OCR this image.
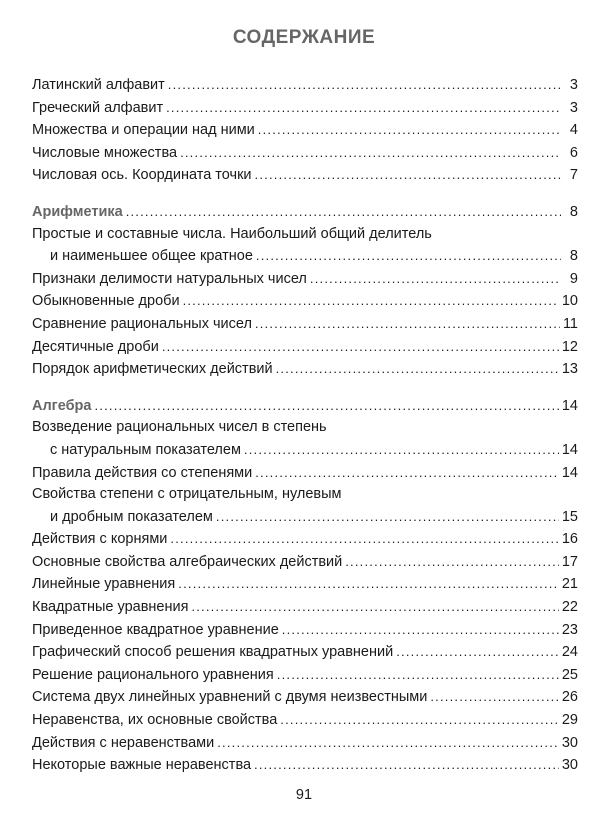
СОДЕРЖАНИЕ
Латинский алфавит .....	3
Греческий алфавит .....	3
Множества и операции над ними .....	4
Числовые множества .....	6
Числовая ось. Координата точки .....	7
Арифметика .....	8
Простые и составные числа. Наибольший общий делитель
и наименьшее общее кратное .....	8
Признаки делимости натуральных чисел .....	9
Обыкновенные дроби .....	10
Сравнение рациональных чисел .....	11
Десятичные дроби .....	12
Порядок арифметических действий .....	13
Алгебра .....	14
Возведение рациональных чисел в степень
с натуральным показателем .....	14
Правила действия со степенями .....	14
Свойства степени с отрицательным, нулевым
и дробным показателем .....	15
Действия с корнями .....	16
Основные свойства алгебраических действий .....	17
Линейные уравнения .....	21
Квадратные уравнения .....	22
Приведенное квадратное уравнение .....	23
Графический способ решения квадратных уравнений .....	24
Решение рационального уравнения .....	25
Система двух линейных уравнений с двумя неизвестными .....	26
Неравенства, их основные свойства .....	29
Действия с неравенствами .....	30
Некоторые важные неравенства .....	30
91
